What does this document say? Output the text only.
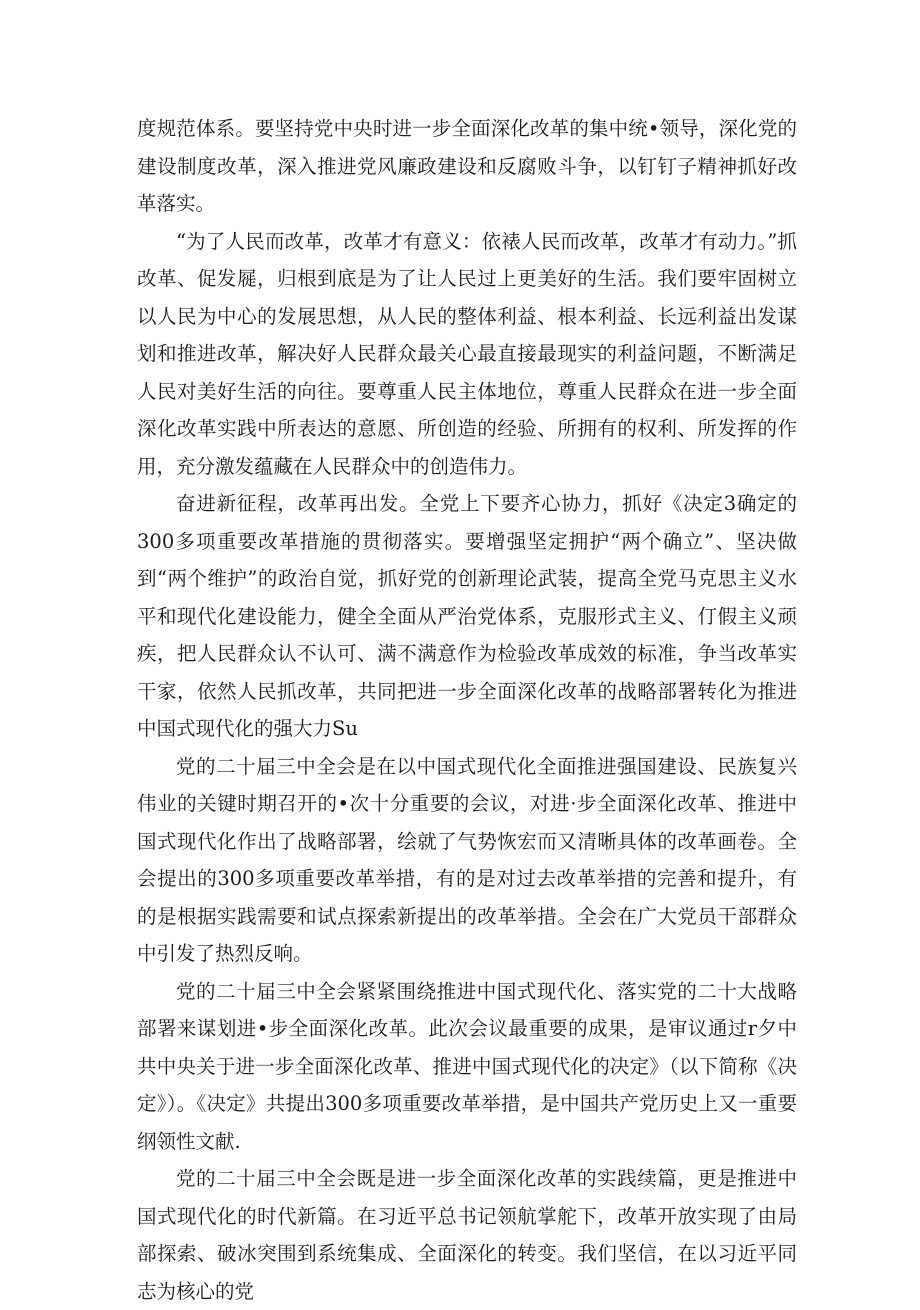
度规范体系。要坚持党中央时进一步全面深化改革的集中统•领导，深化党的建设制度改革，深入推进党风廉政建设和反腐败斗争，以钉钉子精神抓好改革落实。

“为了人民而改革，改革才有意义：依裱人民而改革，改革才有动力。”抓改革、促发屣，归根到底是为了让人民过上更美好的生活。我们要牢固树立以人民为中心的发展思想，从人民的整体利益、根本利益、长远利益出发谋划和推进改革，解决好人民群众最关心最直接最现实的利益问题，不断满足人民对美好生活的向往。要尊重人民主体地位，尊重人民群众在进一步全面深化改革实践中所表达的意愿、所创造的经验、所拥有的权利、所发挥的作用，充分激发蕴藏在人民群众中的创造伟力。

奋进新征程，改革再出发。全党上下要齐心协力，抓好《决定3确定的300多项重要改革措施的贯彻落实。要增强坚定拥护“两个确立”、坚决做到“两个维护”的政治自觉，抓好党的创新理论武装，提高全党马克思主义水平和现代化建设能力，健全全面从严治党体系，克服形式主义、仃假主义顽疾，把人民群众认不认可、满不满意作为检验改革成效的标准，争当改革实干家，依然人民抓改革，共同把进一步全面深化改革的战略部署转化为推进中国式现代化的强大力Su

党的二十届三中全会是在以中国式现代化全面推进强国建设、民族复兴伟业的关键时期召开的•次十分重要的会议，对进·步全面深化改革、推进中国式现代化作出了战略部署，绘就了气势恢宏而又清晰具体的改革画卷。全会提出的300多项重要改革举措，有的是对过去改革举措的完善和提升，有的是根据实践需要和试点探索新提出的改革举措。全会在广大党员干部群众中引发了热烈反响。

党的二十届三中全会紧紧围绕推进中国式现代化、落实党的二十大战略部署来谋划进•步全面深化改革。此次会议最重要的成果，是审议通过r夕中共中央关于进一步全面深化改革、推进中国式现代化的决定》（以下简称《决定》）。《决定》共提出300多项重要改革举措，是中国共产党历史上又一重要纲领性文献.

党的二十届三中全会既是进一步全面深化改革的实践续篇，更是推进中国式现代化的时代新篇。在习近平总书记领航掌舵下，改革开放实现了由局部探索、破冰突围到系统集成、全面深化的转变。我们坚信，在以习近平同志为核心的党
